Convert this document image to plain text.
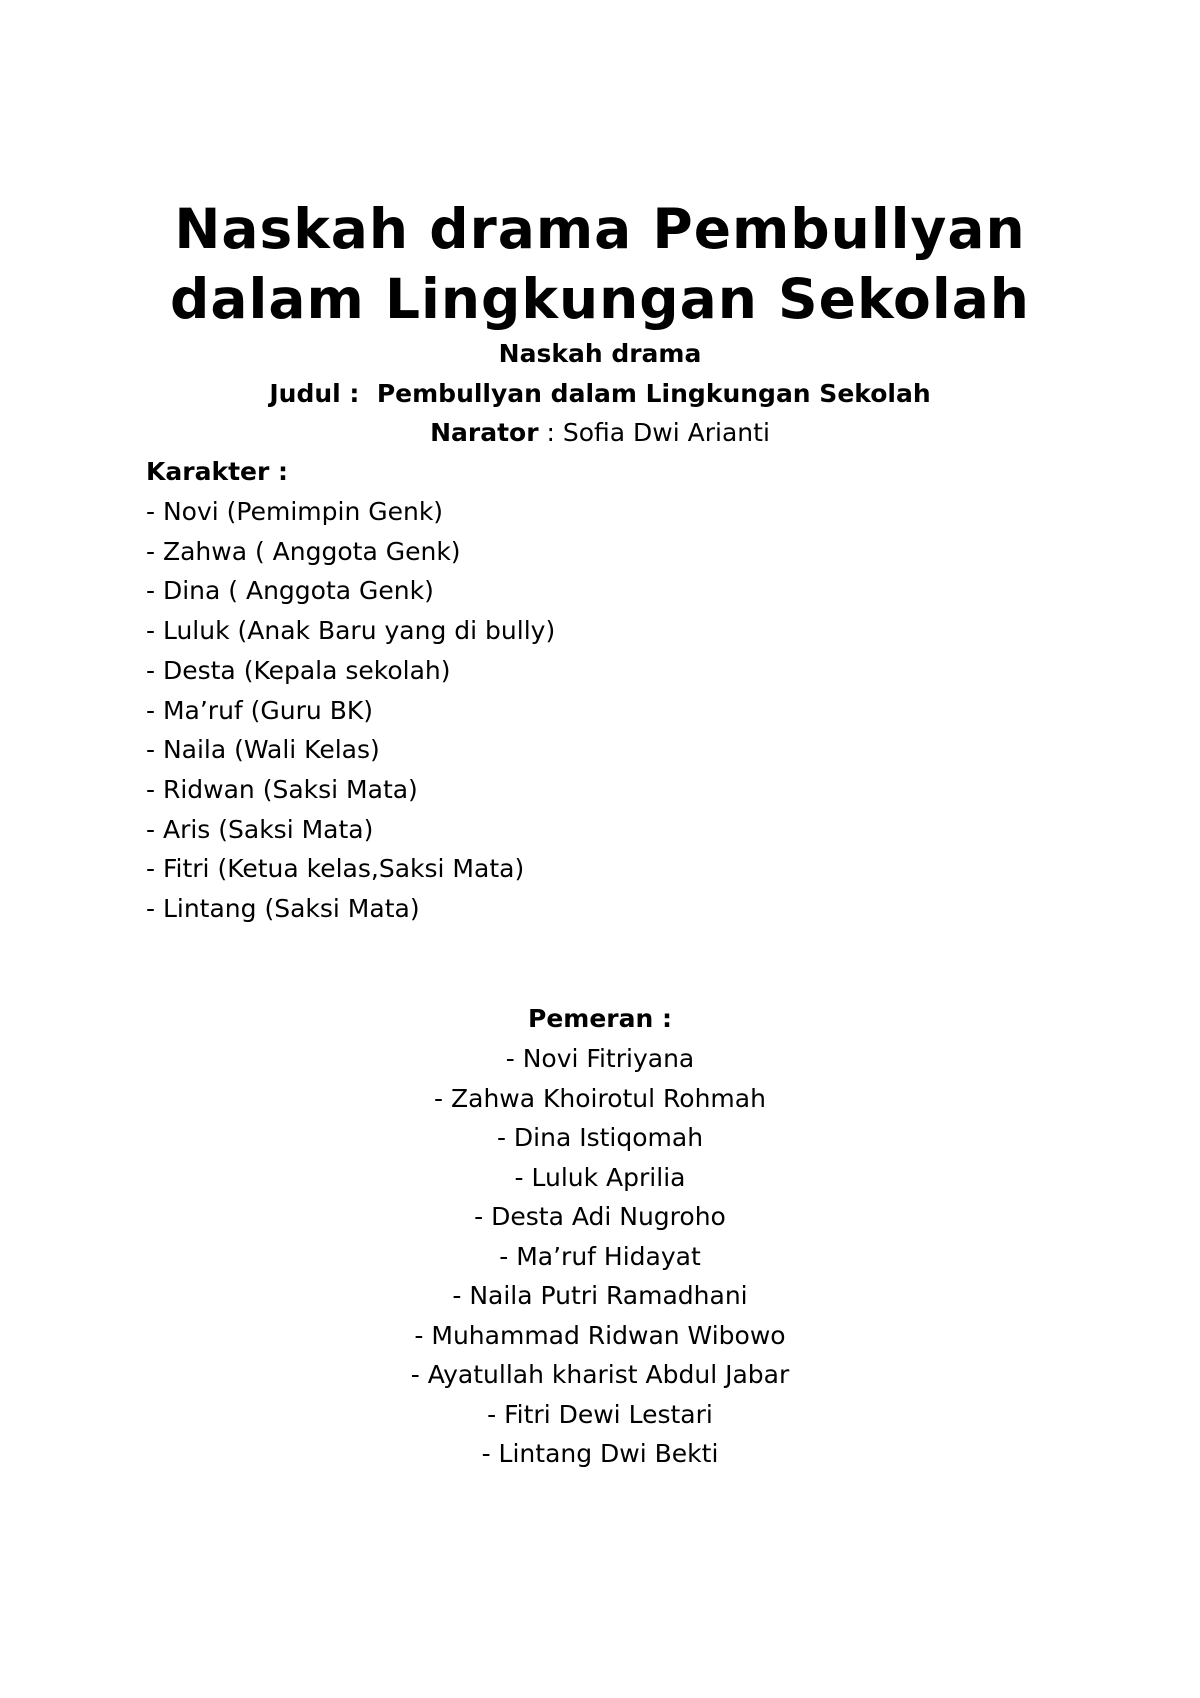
Naskah drama Pembullyan
dalam Lingkungan Sekolah
Naskah drama
Judul :  Pembullyan dalam Lingkungan Sekolah
Narator : Sofia Dwi Arianti
Karakter :
- Novi (Pemimpin Genk)
- Zahwa ( Anggota Genk)
- Dina ( Anggota Genk)
- Luluk (Anak Baru yang di bully)
- Desta (Kepala sekolah)
- Ma’ruf (Guru BK)
- Naila (Wali Kelas)
- Ridwan (Saksi Mata)
- Aris (Saksi Mata)
- Fitri (Ketua kelas,Saksi Mata)
- Lintang (Saksi Mata)
Pemeran :
- Novi Fitriyana
- Zahwa Khoirotul Rohmah
- Dina Istiqomah
- Luluk Aprilia
- Desta Adi Nugroho
- Ma’ruf Hidayat
- Naila Putri Ramadhani
- Muhammad Ridwan Wibowo
- Ayatullah kharist Abdul Jabar
- Fitri Dewi Lestari
- Lintang Dwi Bekti
